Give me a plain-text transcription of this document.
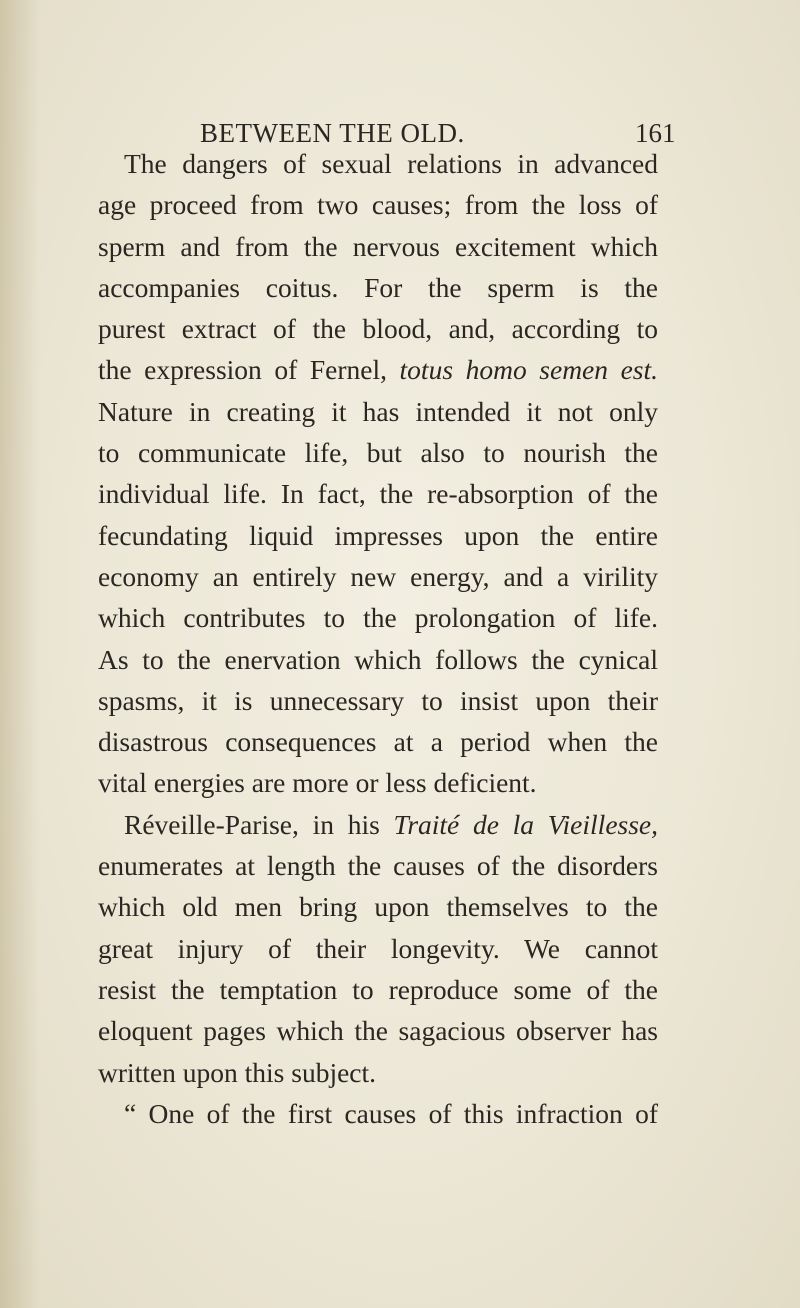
BETWEEN THE OLD.	161
The dangers of sexual relations in advanced
age proceed from two causes; from the loss of
sperm and from the nervous excitement which
accompanies coitus. For the sperm is the
purest extract of the blood, and, according to
the expression of Fernel, totus homo semen est.
Nature in creating it has intended it not only
to communicate life, but also to nourish the
individual life. In fact, the re-absorption of the
fecundating liquid impresses upon the entire
economy an entirely new energy, and a virility
which contributes to the prolongation of life.
As to the enervation which follows the cynical
spasms, it is unnecessary to insist upon their
disastrous consequences at a period when the
vital energies are more or less deficient.
Réveille-Parise, in his Traité de la Vieillesse,
enumerates at length the causes of the disorders
which old men bring upon themselves to the
great injury of their longevity. We cannot
resist the temptation to reproduce some of the
eloquent pages which the sagacious observer has
written upon this subject.
“ One of the first causes of this infraction of
